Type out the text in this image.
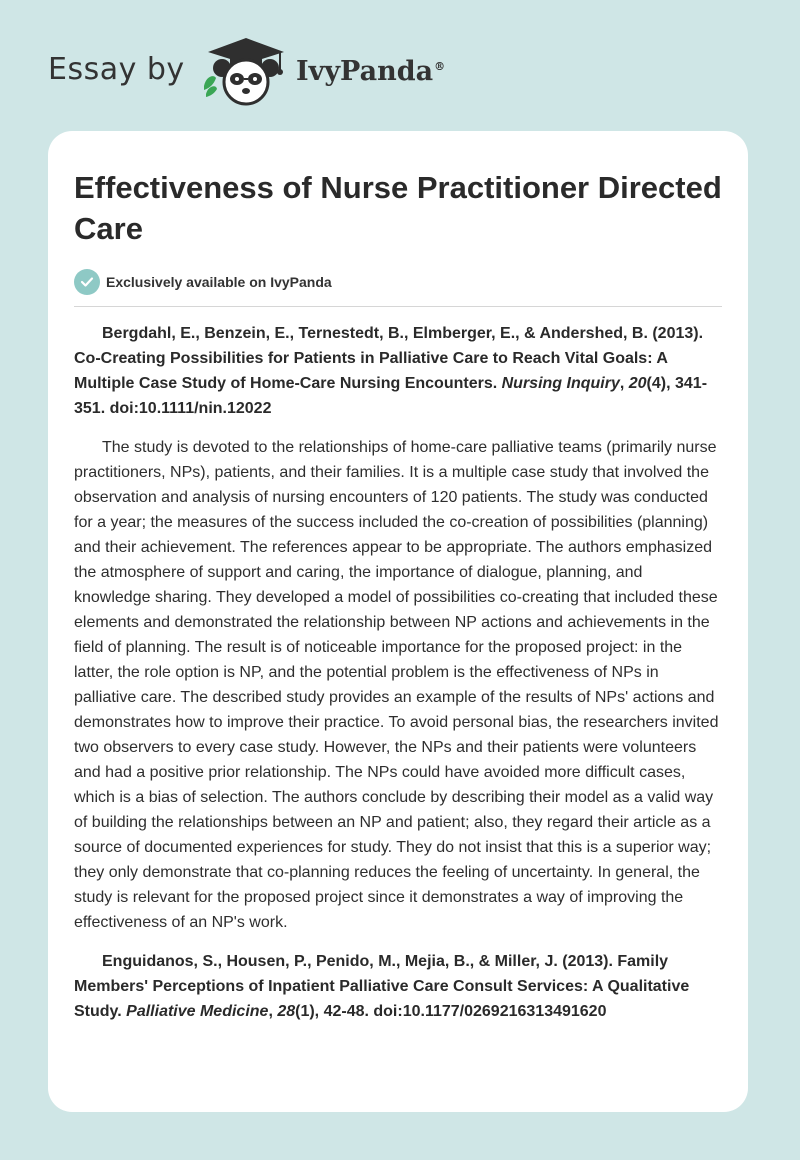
Essay by	IvyPanda®
Effectiveness of Nurse Practitioner Directed Care
Exclusively available on IvyPanda

Bergdahl, E., Benzein, E., Ternestedt, B., Elmberger, E., & Andershed, B. (2013). Co-Creating Possibilities for Patients in Palliative Care to Reach Vital Goals: A Multiple Case Study of Home-Care Nursing Encounters. Nursing Inquiry, 20(4), 341-351. doi:10.1111/nin.12022

The study is devoted to the relationships of home-care palliative teams (primarily nurse practitioners, NPs), patients, and their families. It is a multiple case study that involved the observation and analysis of nursing encounters of 120 patients. The study was conducted for a year; the measures of the success included the co-creation of possibilities (planning) and their achievement. The references appear to be appropriate. The authors emphasized the atmosphere of support and caring, the importance of dialogue, planning, and knowledge sharing. They developed a model of possibilities co-creating that included these elements and demonstrated the relationship between NP actions and achievements in the field of planning. The result is of noticeable importance for the proposed project: in the latter, the role option is NP, and the potential problem is the effectiveness of NPs in palliative care. The described study provides an example of the results of NPs' actions and demonstrates how to improve their practice. To avoid personal bias, the researchers invited two observers to every case study. However, the NPs and their patients were volunteers and had a positive prior relationship. The NPs could have avoided more difficult cases, which is a bias of selection. The authors conclude by describing their model as a valid way of building the relationships between an NP and patient; also, they regard their article as a source of documented experiences for study. They do not insist that this is a superior way; they only demonstrate that co-planning reduces the feeling of uncertainty. In general, the study is relevant for the proposed project since it demonstrates a way of improving the effectiveness of an NP's work.

Enguidanos, S., Housen, P., Penido, M., Mejia, B., & Miller, J. (2013). Family Members' Perceptions of Inpatient Palliative Care Consult Services: A Qualitative Study. Palliative Medicine, 28(1), 42-48. doi:10.1177/0269216313491620
